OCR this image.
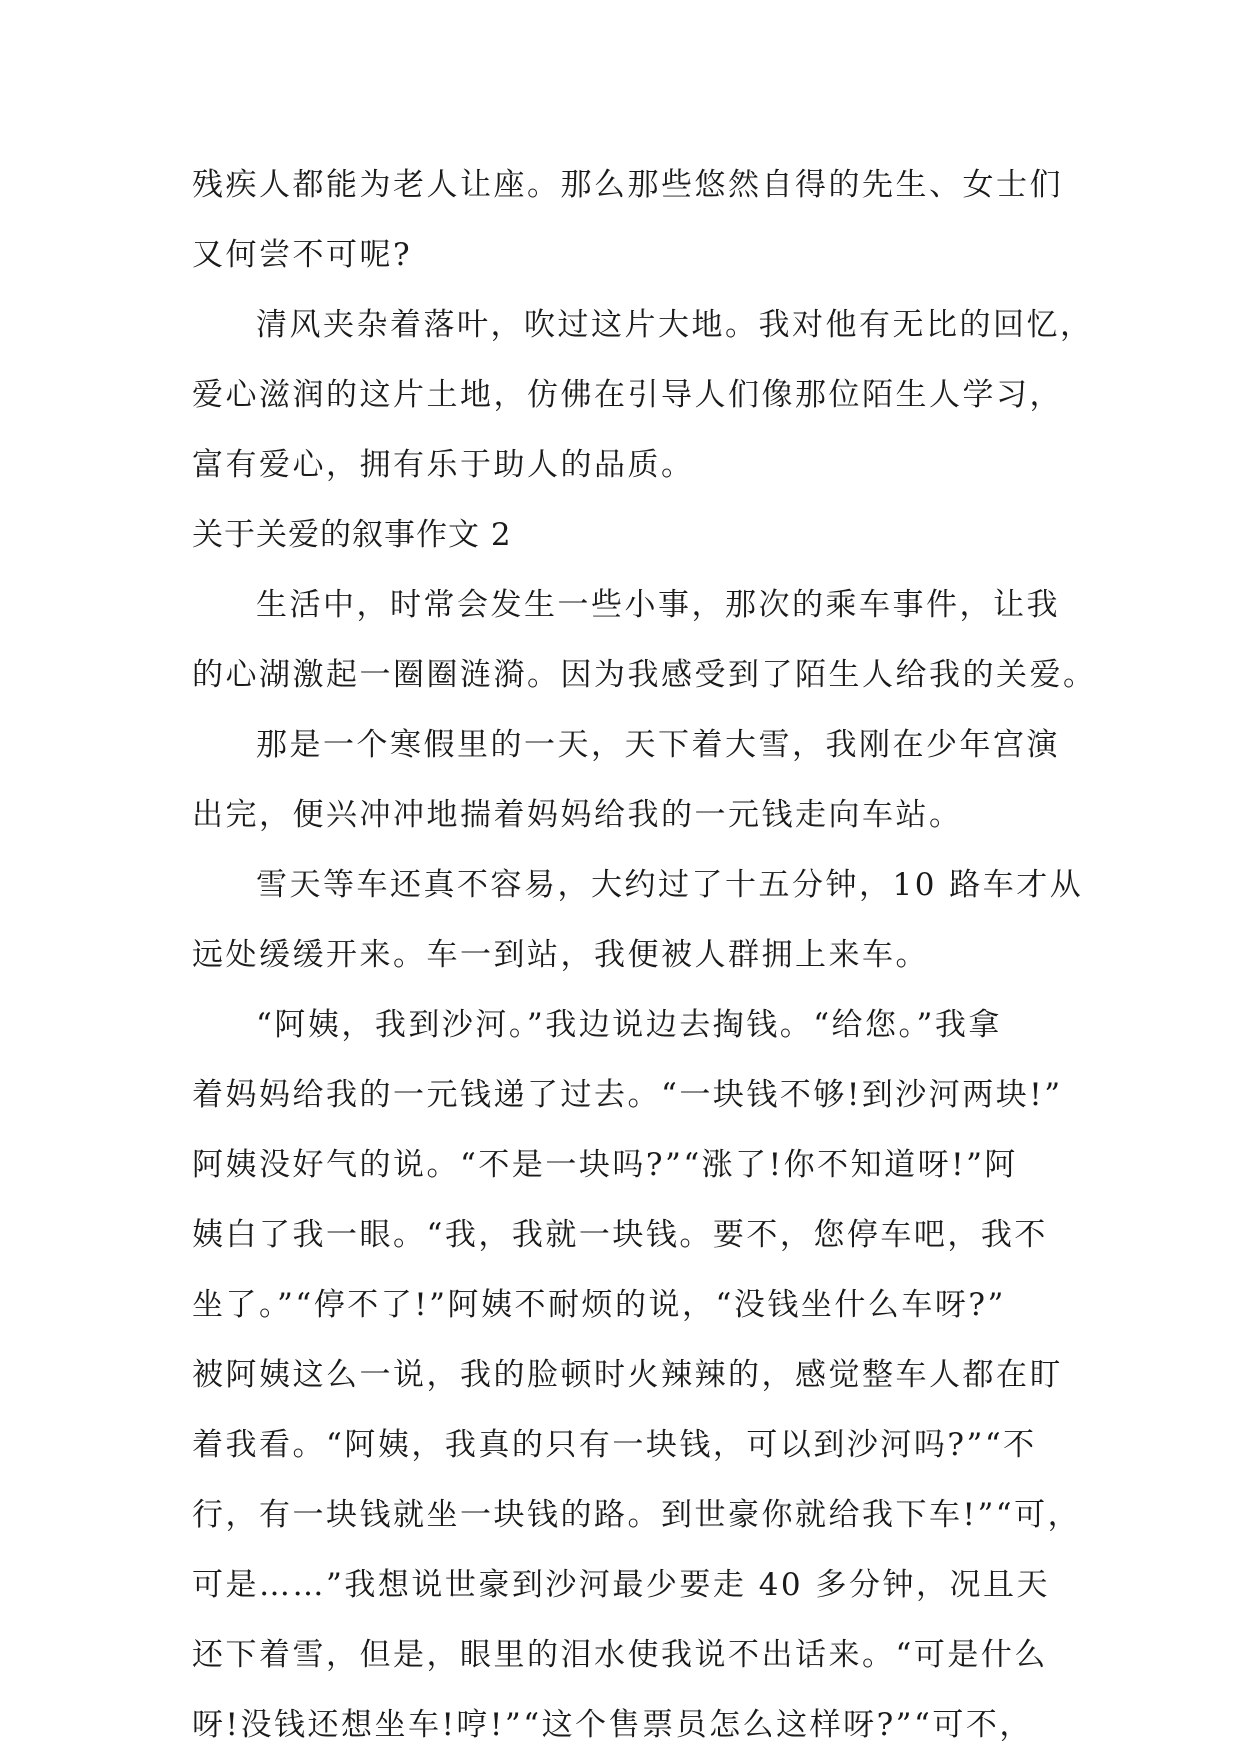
残疾人都能为老人让座。那么那些悠然自得的先生、女士们
又何尝不可呢?
清风夹杂着落叶，吹过这片大地。我对他有无比的回忆，
爱心滋润的这片土地，仿佛在引导人们像那位陌生人学习，
富有爱心，拥有乐于助人的品质。
关于关爱的叙事作文 2
生活中，时常会发生一些小事，那次的乘车事件，让我
的心湖激起一圈圈涟漪。因为我感受到了陌生人给我的关爱。
那是一个寒假里的一天，天下着大雪，我刚在少年宫演
出完，便兴冲冲地揣着妈妈给我的一元钱走向车站。
雪天等车还真不容易，大约过了十五分钟，10 路车才从
远处缓缓开来。车一到站，我便被人群拥上来车。
“阿姨，我到沙河。”我边说边去掏钱。“给您。”我拿
着妈妈给我的一元钱递了过去。“一块钱不够!到沙河两块!”
阿姨没好气的说。“不是一块吗?”“涨了!你不知道呀!”阿
姨白了我一眼。“我，我就一块钱。要不，您停车吧，我不
坐了。”“停不了!”阿姨不耐烦的说，“没钱坐什么车呀?”
被阿姨这么一说，我的脸顿时火辣辣的，感觉整车人都在盯
着我看。“阿姨，我真的只有一块钱，可以到沙河吗?”“不
行，有一块钱就坐一块钱的路。到世豪你就给我下车!”“可，
可是……”我想说世豪到沙河最少要走 40 多分钟，况且天
还下着雪，但是，眼里的泪水使我说不出话来。“可是什么
呀!没钱还想坐车!哼!”“这个售票员怎么这样呀?”“可不，
